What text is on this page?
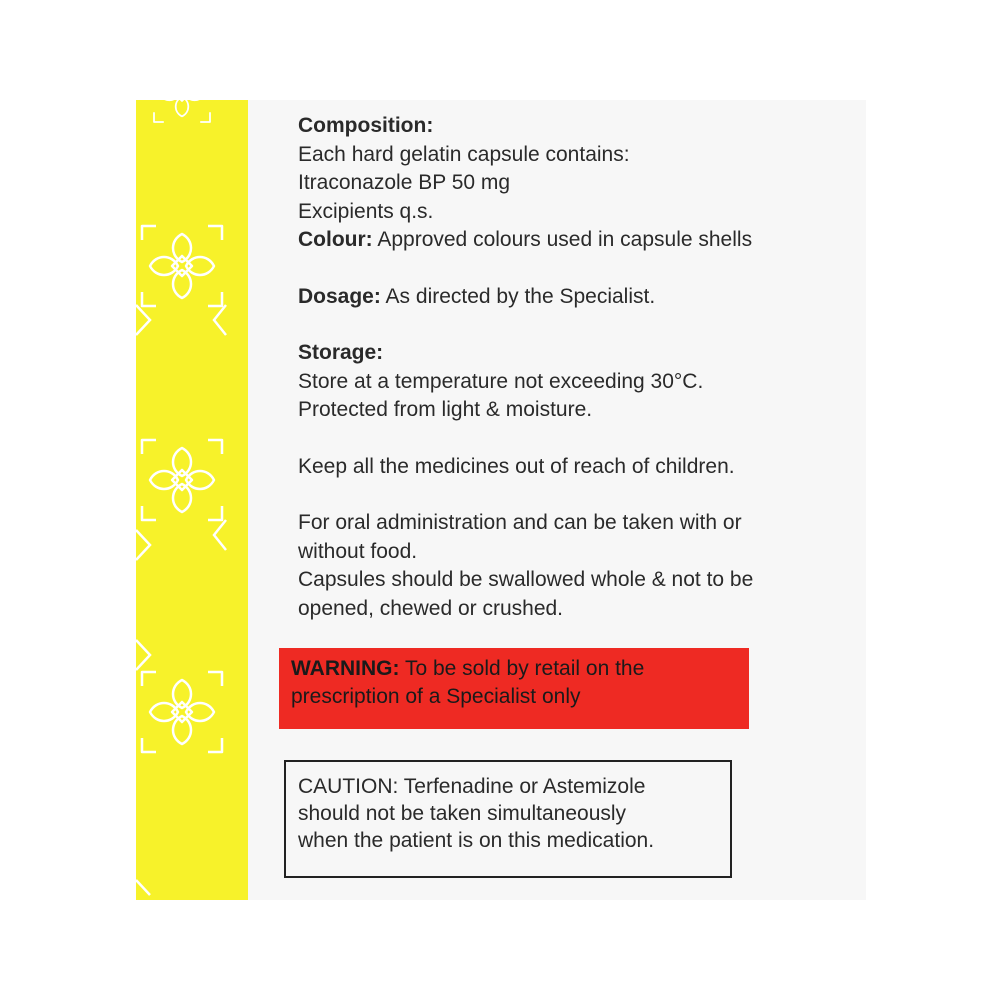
Composition:
Each hard gelatin capsule contains:
Itraconazole BP 50 mg
Excipients q.s.
Colour: Approved colours used in capsule shells
Dosage: As directed by the Specialist.
Storage:
Store at a temperature not exceeding 30°C.
Protected from light & moisture.
Keep all the medicines out of reach of children.
For oral administration and can be taken with or
without food.
Capsules should be swallowed whole & not to be
opened, chewed or crushed.
WARNING: To be sold by retail on the
prescription of a Specialist only
CAUTION: Terfenadine or Astemizole
should not be taken simultaneously
when the patient is on this medication.
